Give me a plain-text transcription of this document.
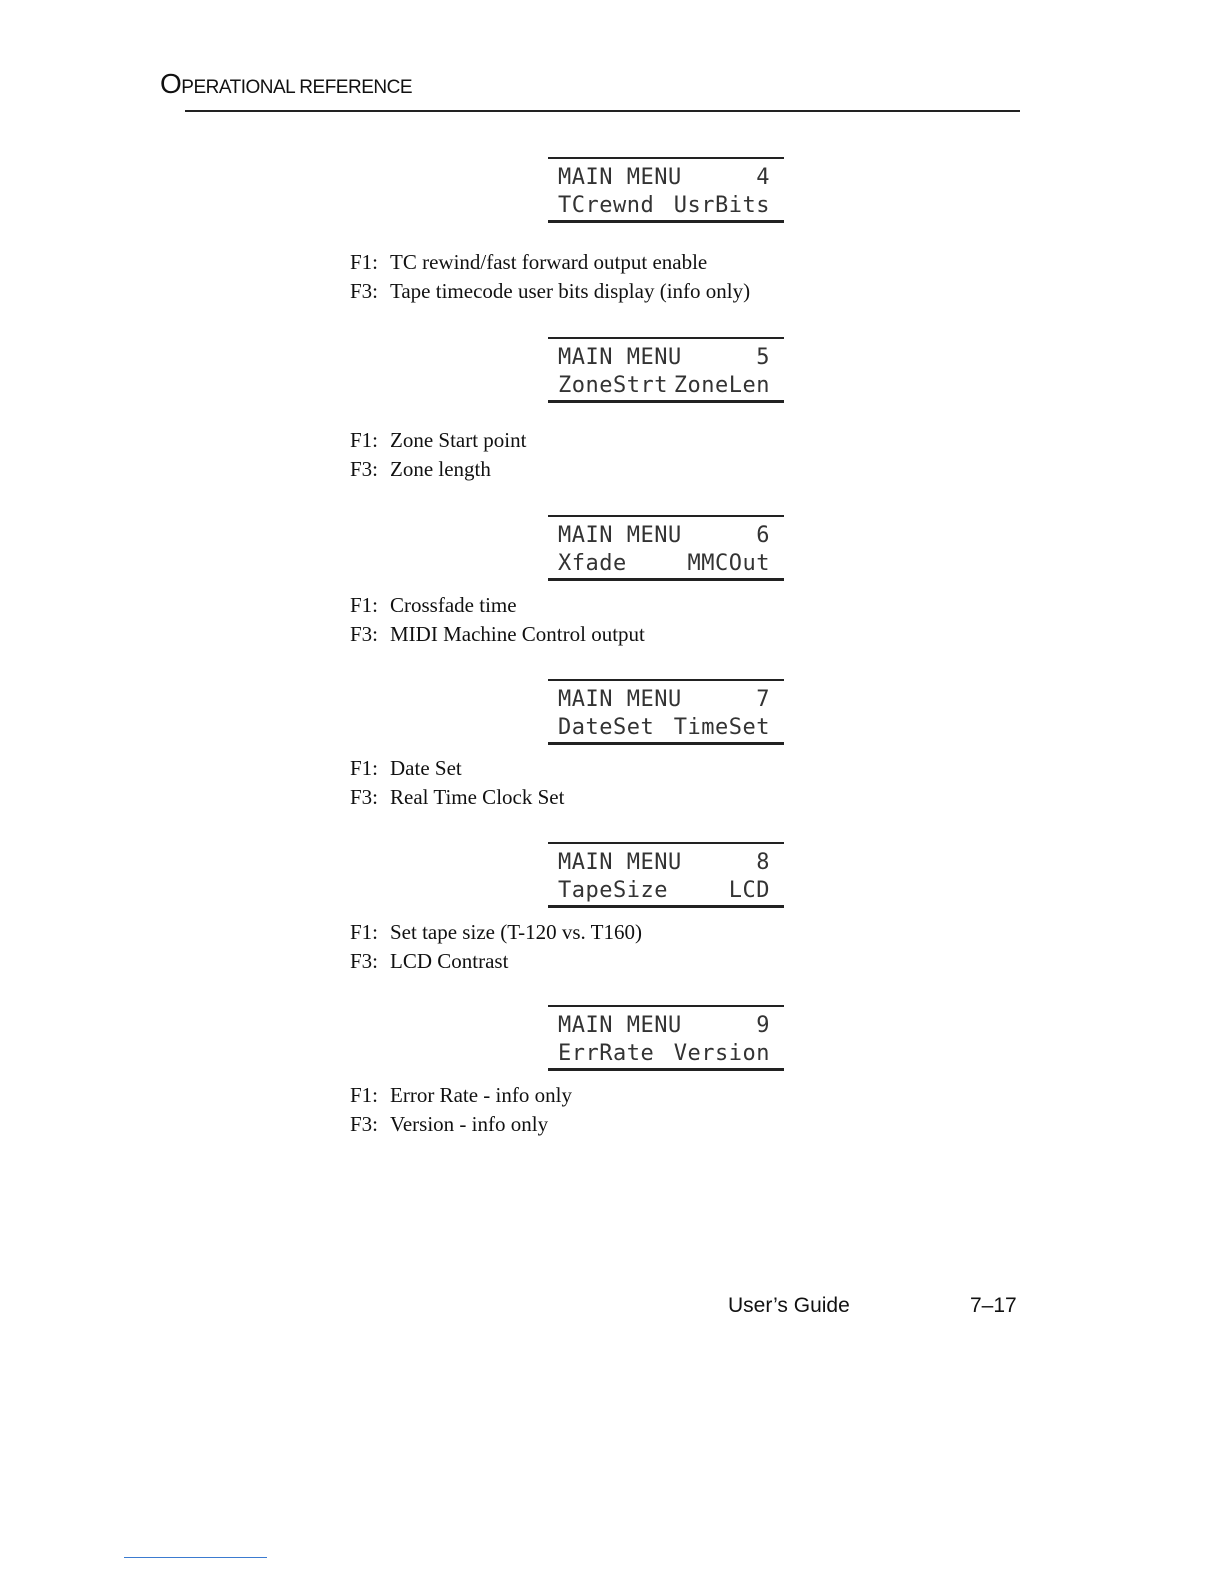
OPERATIONAL REFERENCE
MAIN MENU	4
TCrewnd UsrBits
F1: TC rewind/fast forward output enable
F3: Tape timecode user bits display (info only)
MAIN MENU	5
ZoneStrt ZoneLen
F1: Zone Start point
F3: Zone length
MAIN MENU	6
Xfade	MMCOut
F1: Crossfade time
F3: MIDI Machine Control output
MAIN MENU	7
DateSet TimeSet
F1: Date Set
F3: Real Time Clock Set
MAIN MENU	8
TapeSize	LCD
F1: Set tape size (T-120 vs. T160)
F3: LCD Contrast
MAIN MENU	9
ErrRate Version
F1: Error Rate - info only
F3: Version - info only
User’s Guide	7–17
